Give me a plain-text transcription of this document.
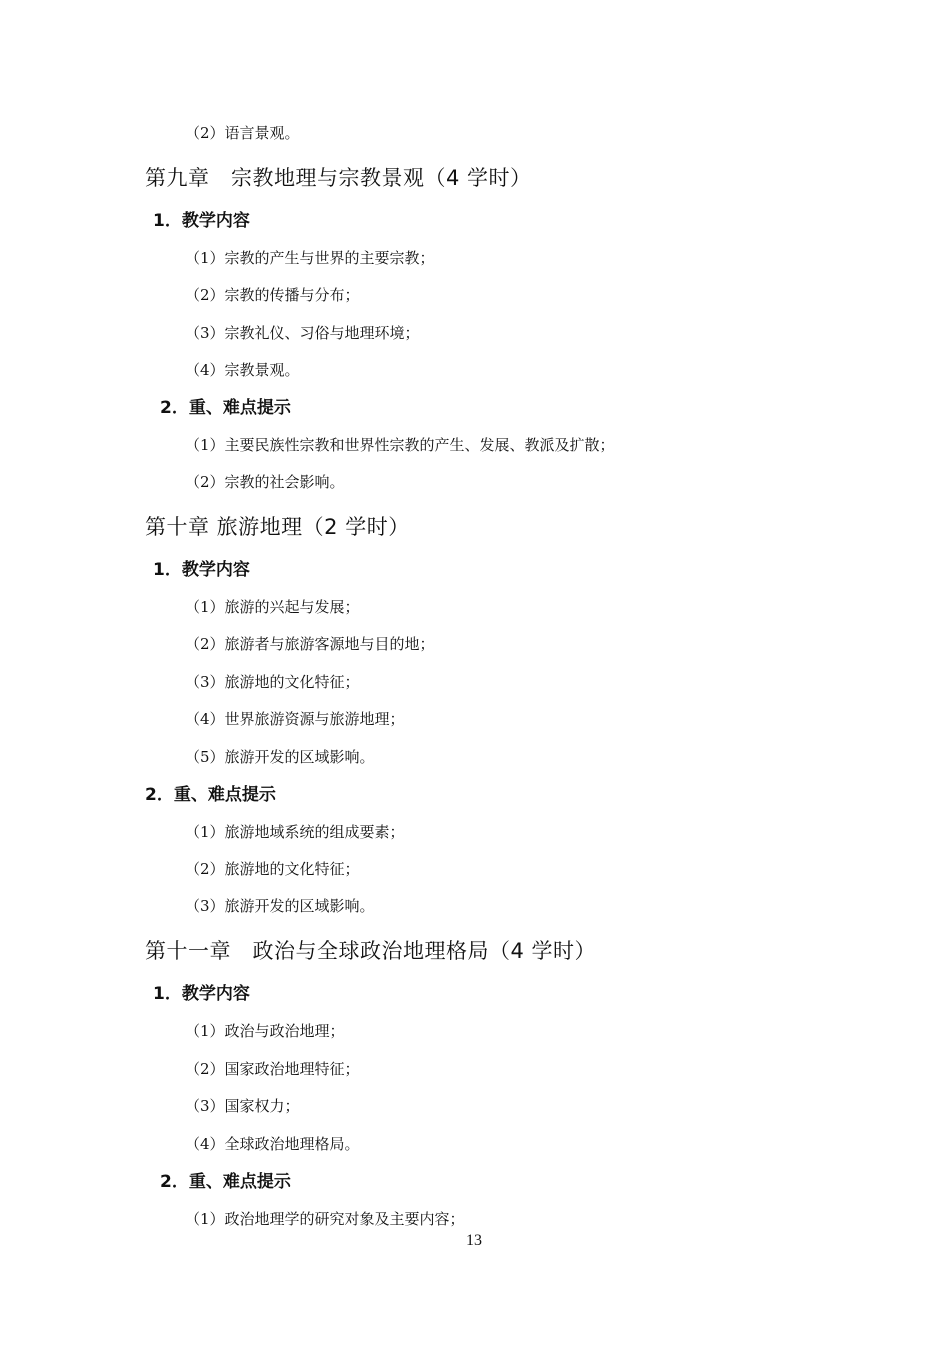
（2）语言景观。
第九章　宗教地理与宗教景观（4 学时）
1．教学内容
（1）宗教的产生与世界的主要宗教；
（2）宗教的传播与分布；
（3）宗教礼仪、习俗与地理环境；
（4）宗教景观。
2．重、难点提示
（1）主要民族性宗教和世界性宗教的产生、发展、教派及扩散；
（2）宗教的社会影响。
第十章 旅游地理（2 学时）
1．教学内容
（1）旅游的兴起与发展；
（2）旅游者与旅游客源地与目的地；
（3）旅游地的文化特征；
（4）世界旅游资源与旅游地理；
（5）旅游开发的区域影响。
2．重、难点提示
（1）旅游地域系统的组成要素；
（2）旅游地的文化特征；
（3）旅游开发的区域影响。
第十一章　政治与全球政治地理格局（4 学时）
1．教学内容
（1）政治与政治地理；
（2）国家政治地理特征；
（3）国家权力；
（4）全球政治地理格局。
2．重、难点提示
（1）政治地理学的研究对象及主要内容；
13
